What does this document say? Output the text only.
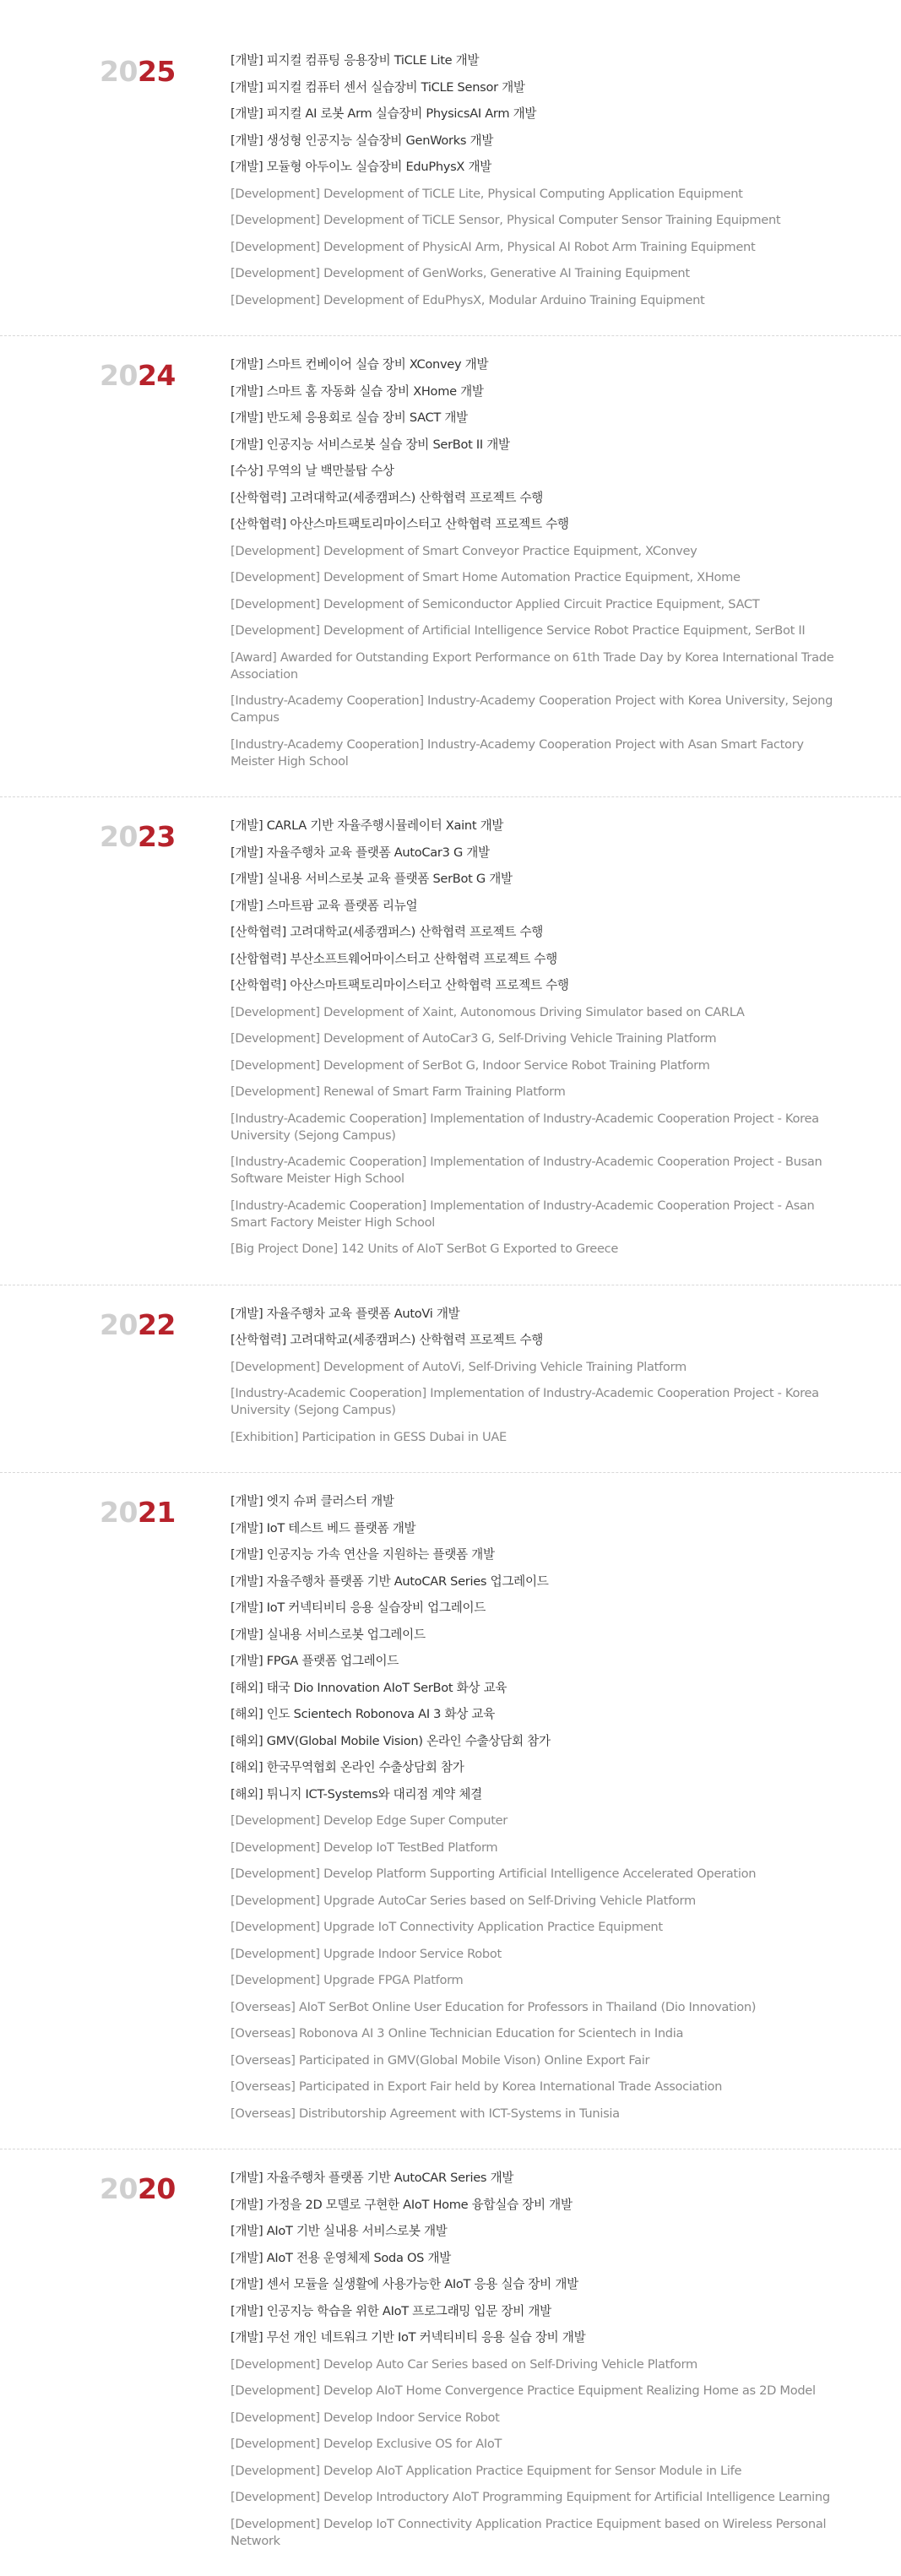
2025	[개발] 피지컬 컴퓨팅 응용장비 TiCLE Lite 개발
[개발] 피지컬 컴퓨터 센서 실습장비 TiCLE Sensor 개발
[개발] 피지컬 AI 로봇 Arm 실습장비 PhysicsAI Arm 개발
[개발] 생성형 인공지능 실습장비 GenWorks 개발
[개발] 모듈형 아두이노 실습장비 EduPhysX 개발
[Development] Development of TiCLE Lite, Physical Computing Application Equipment
[Development] Development of TiCLE Sensor, Physical Computer Sensor Training Equipment
[Development] Development of PhysicAI Arm, Physical AI Robot Arm Training Equipment
[Development] Development of GenWorks, Generative AI Training Equipment
[Development] Development of EduPhysX, Modular Arduino Training Equipment
2024	[개발] 스마트 컨베이어 실습 장비 XConvey 개발
[개발] 스마트 홈 자동화 실습 장비 XHome 개발
[개발] 반도체 응용회로 실습 장비 SACT 개발
[개발] 인공지능 서비스로봇 실습 장비 SerBot II 개발
[수상] 무역의 날 백만불탑 수상
[산학협력] 고려대학교(세종캠퍼스) 산학협력 프로젝트 수행
[산학협력] 아산스마트팩토리마이스터고 산학협력 프로젝트 수행
[Development] Development of Smart Conveyor Practice Equipment, XConvey
[Development] Development of Smart Home Automation Practice Equipment, XHome
[Development] Development of Semiconductor Applied Circuit Practice Equipment, SACT
[Development] Development of Artificial Intelligence Service Robot Practice Equipment, SerBot II
[Award] Awarded for Outstanding Export Performance on 61th Trade Day by Korea International Trade Association
[Industry-Academy Cooperation] Industry-Academy Cooperation Project with Korea University, Sejong Campus
[Industry-Academy Cooperation] Industry-Academy Cooperation Project with Asan Smart Factory Meister High School
2023	[개발] CARLA 기반 자율주행시뮬레이터 Xaint 개발
[개발] 자율주행차 교육 플랫폼 AutoCar3 G 개발
[개발] 실내용 서비스로봇 교육 플랫폼 SerBot G 개발
[개발] 스마트팜 교육 플랫폼 리뉴얼
[산학협력] 고려대학교(세종캠퍼스) 산학협력 프로젝트 수행
[산합협력] 부산소프트웨어마이스터고 산학협력 프로젝트 수행
[산학협력] 아산스마트팩토리마이스터고 산학협력 프로젝트 수행
[Development] Development of Xaint, Autonomous Driving Simulator based on CARLA
[Development] Development of AutoCar3 G, Self-Driving Vehicle Training Platform
[Development] Development of SerBot G, Indoor Service Robot Training Platform
[Development] Renewal of Smart Farm Training Platform
[Industry-Academic Cooperation] Implementation of Industry-Academic Cooperation Project - Korea University (Sejong Campus)
[Industry-Academic Cooperation] Implementation of Industry-Academic Cooperation Project - Busan Software Meister High School
[Industry-Academic Cooperation] Implementation of Industry-Academic Cooperation Project - Asan Smart Factory Meister High School
[Big Project Done] 142 Units of AIoT SerBot G Exported to Greece
2022	[개발] 자율주행차 교육 플랫폼 AutoVi 개발
[산학협력] 고려대학교(세종캠퍼스) 산학협력 프로젝트 수행
[Development] Development of AutoVi, Self-Driving Vehicle Training Platform
[Industry-Academic Cooperation] Implementation of Industry-Academic Cooperation Project - Korea University (Sejong Campus)
[Exhibition] Participation in GESS Dubai in UAE
2021	[개발] 엣지 슈퍼 클러스터 개발
[개발] IoT 테스트 베드 플랫폼 개발
[개발] 인공지능 가속 연산을 지원하는 플랫폼 개발
[개발] 자율주행차 플랫폼 기반 AutoCAR Series 업그레이드
[개발] IoT 커넥티비티 응용 실습장비 업그레이드
[개발] 실내용 서비스로봇 업그레이드
[개발] FPGA 플랫폼 업그레이드
[해외] 태국 Dio Innovation AIoT SerBot 화상 교육
[해외] 인도 Scientech Robonova AI 3 화상 교육
[해외] GMV(Global Mobile Vision) 온라인 수출상담회 참가
[해외] 한국무역협회 온라인 수출상담회 참가
[해외] 튀니지 ICT-Systems와 대리점 계약 체결
[Development] Develop Edge Super Computer
[Development] Develop IoT TestBed Platform
[Development] Develop Platform Supporting Artificial Intelligence Accelerated Operation
[Development] Upgrade AutoCar Series based on Self-Driving Vehicle Platform
[Development] Upgrade IoT Connectivity Application Practice Equipment
[Development] Upgrade Indoor Service Robot
[Development] Upgrade FPGA Platform
[Overseas] AIoT SerBot Online User Education for Professors in Thailand (Dio Innovation)
[Overseas] Robonova AI 3 Online Technician Education for Scientech in India
[Overseas] Participated in GMV(Global Mobile Vison) Online Export Fair
[Overseas] Participated in Export Fair held by Korea International Trade Association
[Overseas] Distributorship Agreement with ICT-Systems in Tunisia
2020	[개발] 자율주행차 플랫폼 기반 AutoCAR Series 개발
[개발] 가정을 2D 모델로 구현한 AIoT Home 융합실습 장비 개발
[개발] AIoT 기반 실내용 서비스로봇 개발
[개발] AIoT 전용 운영체제 Soda OS 개발
[개발] 센서 모듈을 실생활에 사용가능한 AIoT 응용 실습 장비 개발
[개발] 인공지능 학습을 위한 AIoT 프로그래밍 입문 장비 개발
[개발] 무선 개인 네트워크 기반 IoT 커넥티비티 응용 실습 장비 개발
[Development] Develop Auto Car Series based on Self-Driving Vehicle Platform
[Development] Develop AIoT Home Convergence Practice Equipment Realizing Home as 2D Model
[Development] Develop Indoor Service Robot
[Development] Develop Exclusive OS for AIoT
[Development] Develop AIoT Application Practice Equipment for Sensor Module in Life
[Development] Develop Introductory AIoT Programming Equipment for Artificial Intelligence Learning
[Development] Develop IoT Connectivity Application Practice Equipment based on Wireless Personal Network
